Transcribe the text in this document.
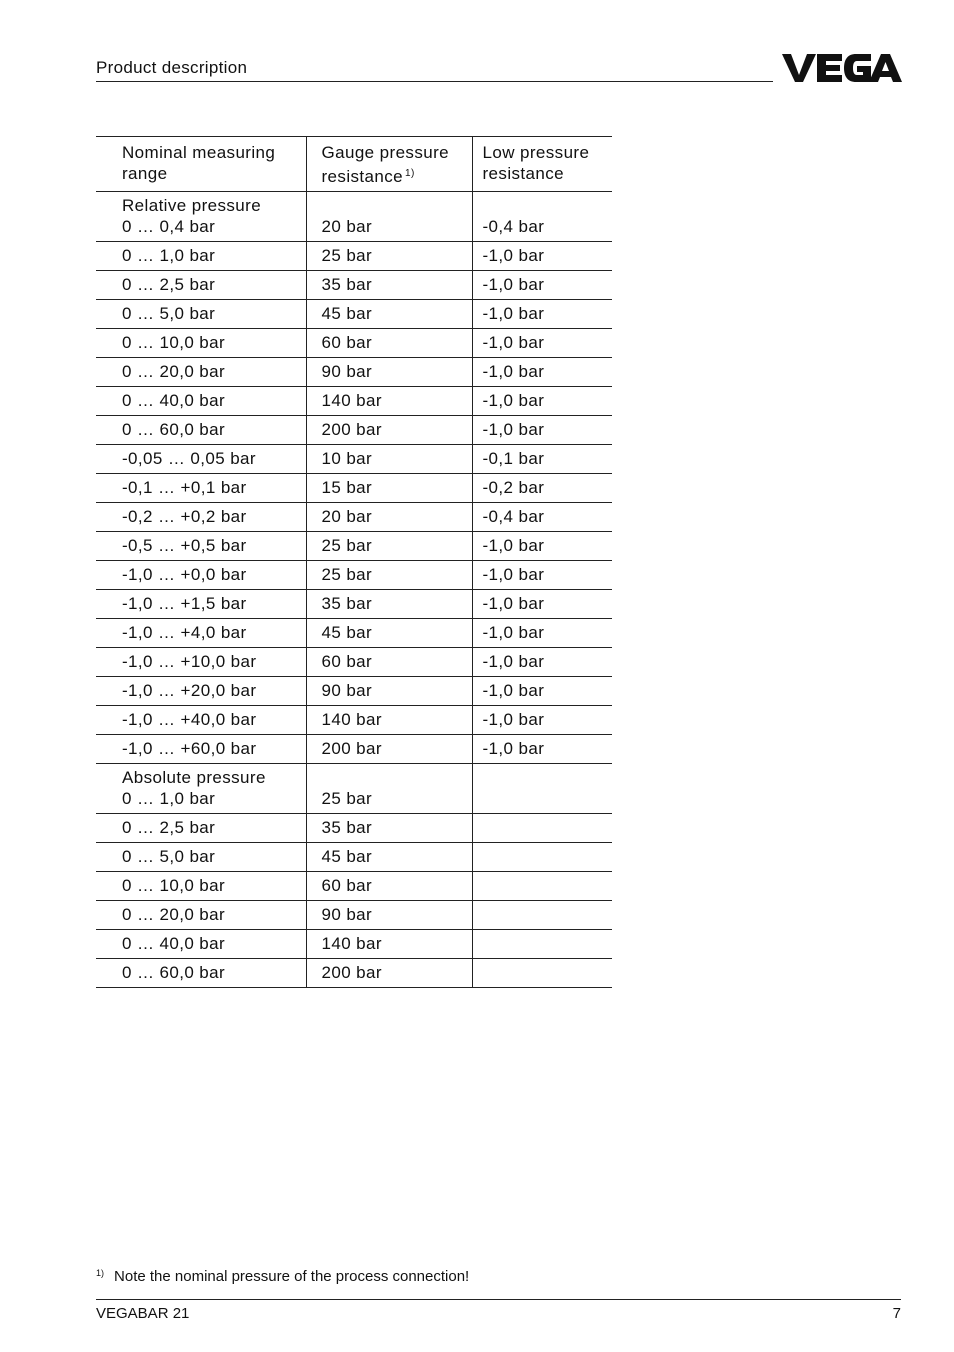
Product description
Nominal measuring range	Gauge pressure resistance $^{1)}$	Low pressure resistance

Relative pressure
0 … 0,4 bar	20 bar	-0,4 bar

0 … 1,0 bar	25 bar	-1,0 bar

0 … 2,5 bar	35 bar	-1,0 bar

0 … 5,0 bar	45 bar	-1,0 bar

0 … 10,0 bar	60 bar	-1,0 bar

0 … 20,0 bar	90 bar	-1,0 bar

0 … 40,0 bar	140 bar	-1,0 bar

0 … 60,0 bar	200 bar	-1,0 bar

-0,05 … 0,05 bar	10 bar	-0,1 bar

-0,1 … +0,1 bar	15 bar	-0,2 bar

-0,2 … +0,2 bar	20 bar	-0,4 bar

-0,5 … +0,5 bar	25 bar	-1,0 bar

-1,0 … +0,0 bar	25 bar	-1,0 bar

-1,0 … +1,5 bar	35 bar	-1,0 bar

-1,0 … +4,0 bar	45 bar	-1,0 bar

-1,0 … +10,0 bar	60 bar	-1,0 bar

-1,0 … +20,0 bar	90 bar	-1,0 bar

-1,0 … +40,0 bar	140 bar	-1,0 bar

-1,0 … +60,0 bar	200 bar	-1,0 bar

Absolute pressure
0 … 1,0 bar	25 bar	

0 … 2,5 bar	35 bar	

0 … 5,0 bar	45 bar	

0 … 10,0 bar	60 bar	

0 … 20,0 bar	90 bar	

0 … 40,0 bar	140 bar	

0 … 60,0 bar	200 bar	
$^{1)}$ Note the nominal pressure of the process connection!
VEGABAR 21	7
